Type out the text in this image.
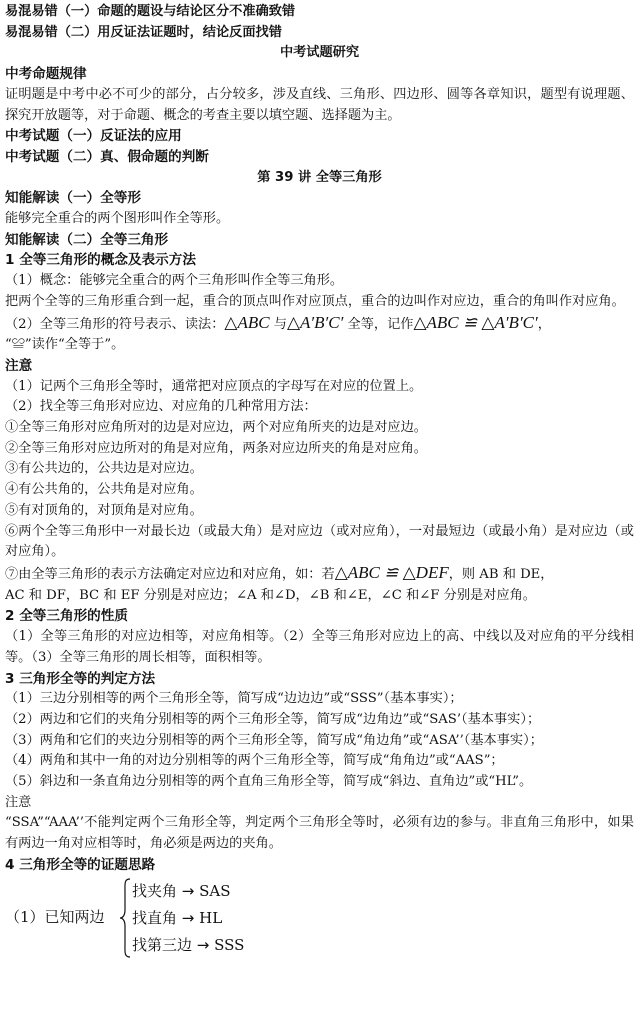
易混易错（一）命题的题设与结论区分不准确致错
易混易错（二）用反证法证题时，结论反面找错
中考试题研究
中考命题规律
证明题是中考中必不可少的部分，占分较多，涉及直线、三角形、四边形、圆等各章知识，题型有说理题、探究开放题等，对于命题、概念的考查主要以填空题、选择题为主。
中考试题（一）反证法的应用
中考试题（二）真、假命题的判断
第 39 讲 全等三角形
知能解读（一）全等形
能够完全重合的两个图形叫作全等形。
知能解读（二）全等三角形
1 全等三角形的概念及表示方法
（1）概念：能够完全重合的两个三角形叫作全等三角形。
把两个全等的三角形重合到一起，重合的顶点叫作对应顶点，重合的边叫作对应边，重合的角叫作对应角。
（2）全等三角形的符号表示、读法：△ABC 与△A′B′C′ 全等，记作△ABC ≌ △A′B′C′，
“≌”读作“全等于”。
注意
（1）记两个三角形全等时，通常把对应顶点的字母写在对应的位置上。
（2）找全等三角形对应边、对应角的几种常用方法：
①全等三角形对应角所对的边是对应边，两个对应角所夹的边是对应边。
②全等三角形对应边所对的角是对应角，两条对应边所夹的角是对应角。
③有公共边的，公共边是对应边。
④有公共角的，公共角是对应角。
⑤有对顶角的，对顶角是对应角。
⑥两个全等三角形中一对最长边（或最大角）是对应边（或对应角），一对最短边（或最小角）是对应边（或对应角）。
⑦由全等三角形的表示方法确定对应边和对应角，如：若△ABC ≌ △DEF，则 AB 和 DE，
AC 和 DF，BC 和 EF 分别是对应边；∠A 和∠D，∠B 和∠E，∠C 和∠F 分别是对应角。
2 全等三角形的性质
（1）全等三角形的对应边相等，对应角相等。（2）全等三角形对应边上的高、中线以及对应角的平分线相等。（3）全等三角形的周长相等，面积相等。
3 三角形全等的判定方法
（1）三边分别相等的两个三角形全等，简写成“边边边”或“SSS”（基本事实）；
（2）两边和它们的夹角分别相等的两个三角形全等，简写成“边角边”或“SAS’（基本事实）；
（3）两角和它们的夹边分别相等的两个三角形全等，简写成“角边角”或“ASA’’（基本事实）；
（4）两角和其中一角的对边分别相等的两个三角形全等，简写成“角角边”或“AAS”；
（5）斜边和一条直角边分别相等的两个直角三角形全等，简写成“斜边、直角边”或“HL”。
注意
“SSA”“AAA’’不能判定两个三角形全等，判定两个三角形全等时，必须有边的参与。非直角三角形中，如果有两边一角对应相等时，角必须是两边的夹角。
4 三角形全等的证题思路
（1）已知两边
找夹角 → SAS
找直角 → HL
找第三边 → SSS
